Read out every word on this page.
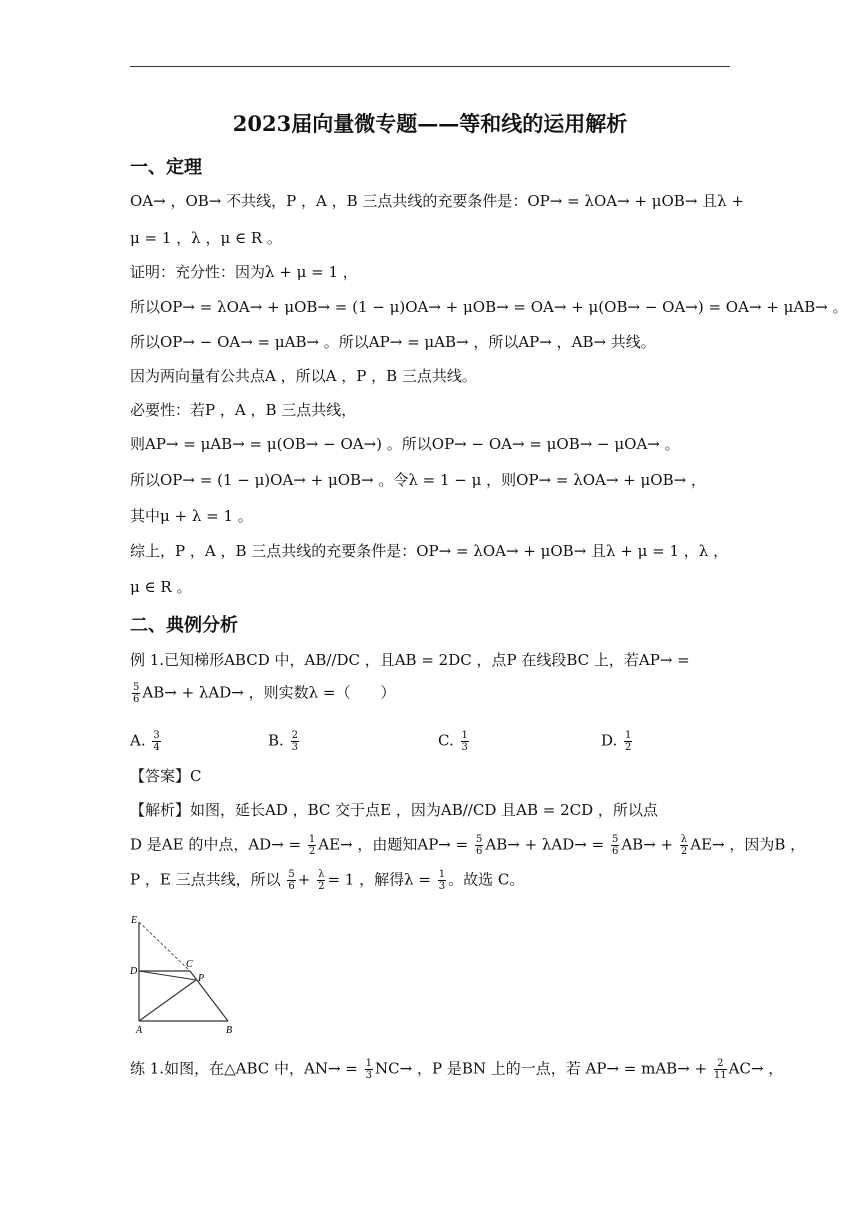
2023届向量微专题——等和线的运用解析
一、定理
OA→ ，OB→ 不共线，P ，A ，B 三点共线的充要条件是：OP→ = λOA→ + μOB→ 且λ +
μ = 1 ，λ ，μ ∈ R 。
证明：充分性：因为λ + μ = 1 ，
所以OP→ = λOA→ + μOB→ = (1 − μ)OA→ + μOB→ = OA→ + μ(OB→ − OA→) = OA→ + μAB→ 。
所以OP→ − OA→ = μAB→ 。所以AP→ = μAB→ ，所以AP→ ，AB→ 共线。
因为两向量有公共点A ，所以A ，P ，B 三点共线。
必要性：若P ，A ，B 三点共线，
则AP→ = μAB→ = μ(OB→ − OA→) 。所以OP→ − OA→ = μOB→ − μOA→ 。
所以OP→ = (1 − μ)OA→ + μOB→ 。令λ = 1 − μ ，则OP→ = λOA→ + μOB→ ，
其中μ + λ = 1 。
综上，P ，A ，B 三点共线的充要条件是：OP→ = λOA→ + μOB→ 且λ + μ = 1 ，λ ，
μ ∈ R 。
二、典例分析
例 1.已知梯形ABCD 中，AB//DC ，且AB = 2DC ，点P 在线段BC 上，若AP→ =
$\frac{5}{6} AB\to + \lambda AD\to$ ，则实数λ =（　　）
A. $\frac{3}{4}$	B. $\frac{2}{3}$	C. $\frac{1}{3}$	D. $\frac{1}{2}$
【答案】C
【解析】如图，延长AD ，BC 交于点E ，因为AB//CD 且AB = 2CD ，所以点
D 是AE 的中点，$AD\to = \frac{1}{2} AE\to$ ，由题知$AP\to = \frac{5}{6} AB\to + \lambda AD\to = \frac{5}{6} AB\to + \frac{\lambda}{2} AE\to$ ，因为B ，
P ，E 三点共线，所以 $\frac{5}{6} + \frac{\lambda}{2} = 1$ ，解得$\lambda = \frac{1}{3}$ 。故选 C。
E
D
C
P
A	B
练 1.如图，在△ABC 中，$AN\to = \frac{1}{3} NC\to$ ，P 是BN 上的一点，若 $AP\to = mAB\to + \frac{2}{11} AC\to$ ，
